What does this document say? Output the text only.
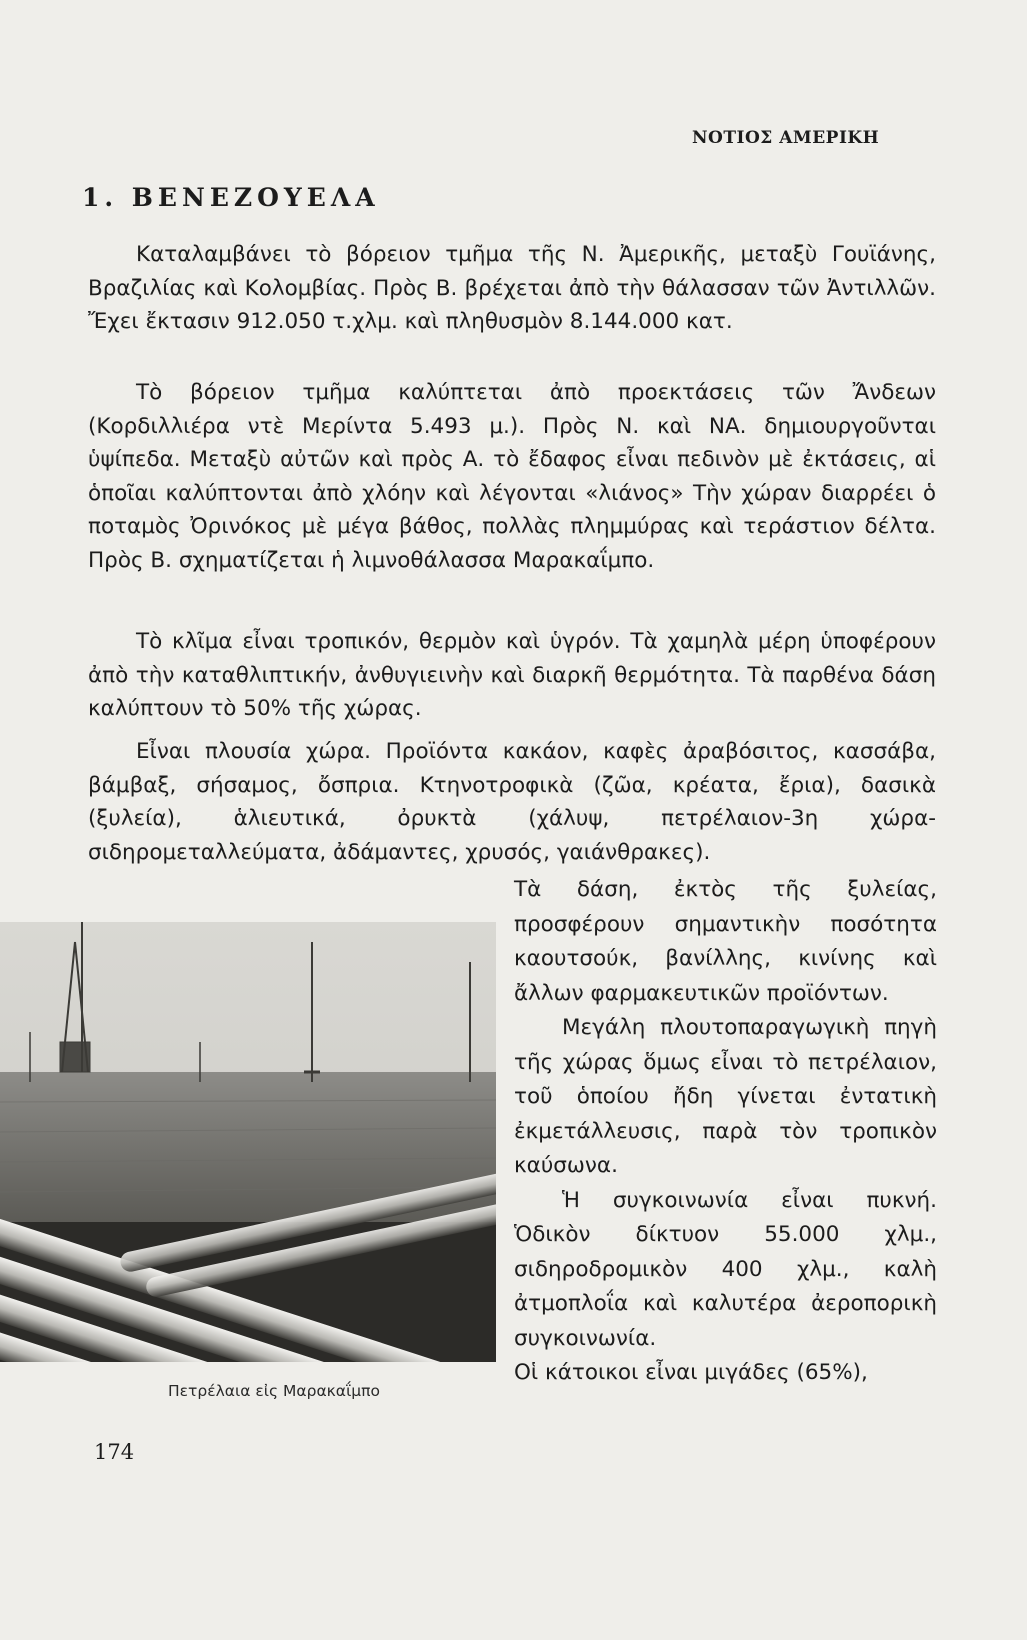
ΝΟΤΙΟΣ ΑΜΕΡΙΚΗ
1. ΒΕΝΕΖΟΥΕΛΑ

Καταλαμβάνει τὸ βόρειον τμῆμα τῆς Ν. Ἀμερικῆς, μεταξὺ Γουϊάνης, Βραζιλίας καὶ Κολομβίας. Πρὸς Β. βρέχεται ἀπὸ τὴν θάλασσαν τῶν Ἀντιλλῶν. Ἔχει ἔκτασιν 912.050 τ.χλμ. καὶ πληθυσμὸν 8.144.000 κατ.

Τὸ βόρειον τμῆμα καλύπτεται ἀπὸ προεκτάσεις τῶν Ἄνδεων (Κορδιλλιέρα ντὲ Μερίντα 5.493 μ.). Πρὸς Ν. καὶ ΝΑ. δημιουργοῦνται ὑψίπεδα. Μεταξὺ αὐτῶν καὶ πρὸς Α. τὸ ἔδαφος εἶναι πεδινὸν μὲ ἐκτάσεις, αἱ ὁποῖαι καλύπτονται ἀπὸ χλόην καὶ λέγονται «λιάνος» Τὴν χώραν διαρρέει ὁ ποταμὸς Ὀρινόκος μὲ μέγα βάθος, πολλὰς πλημμύρας καὶ τεράστιον δέλτα. Πρὸς Β. σχηματίζεται ἡ λιμνοθάλασσα Μαρακαΐμπο.

Τὸ κλῖμα εἶναι τροπικόν, θερμὸν καὶ ὑγρόν. Τὰ χαμηλὰ μέρη ὑποφέρουν ἀπὸ τὴν καταθλιπτικήν, ἀνθυγιεινὴν καὶ διαρκῆ θερμότητα. Τὰ παρθένα δάση καλύπτουν τὸ 50% τῆς χώρας.

Εἶναι πλουσία χώρα. Προϊόντα κακάον, καφὲς ἀραβόσιτος, κασσάβα, βάμβαξ, σήσαμος, ὄσπρια. Κτηνοτροφικὰ (ζῶα, κρέατα, ἔρια), δασικὰ (ξυλεία), ἁλιευτικά, ὀρυκτὰ (χάλυψ, πετρέλαιον-3η χώρα-σιδηρομεταλλεύματα, ἀδάμαντες, χρυσός, γαιάνθρακες).

Τὰ δάση, ἐκτὸς τῆς ξυλείας, προσφέρουν σημαντικὴν ποσότητα καουτσούκ, βανίλλης, κινίνης καὶ ἄλλων φαρμακευτικῶν προϊόντων.

Μεγάλη πλουτοπαραγωγικὴ πηγὴ τῆς χώρας ὅμως εἶναι τὸ πετρέλαιον, τοῦ ὁποίου ἤδη γίνεται ἐντατικὴ ἐκμετάλλευσις, παρὰ τὸν τροπικὸν καύσωνα.

Ἡ συγκοινωνία εἶναι πυκνή. Ὁδικὸν δίκτυον 55.000 χλμ., σιδηροδρομικὸν 400 χλμ., καλὴ ἀτμοπλοΐα καὶ καλυτέρα ἀεροπορικὴ συγκοινωνία.

Οἱ κάτοικοι εἶναι μιγάδες (65%),

Πετρέλαια εἰς Μαρακαΐμπο
174
